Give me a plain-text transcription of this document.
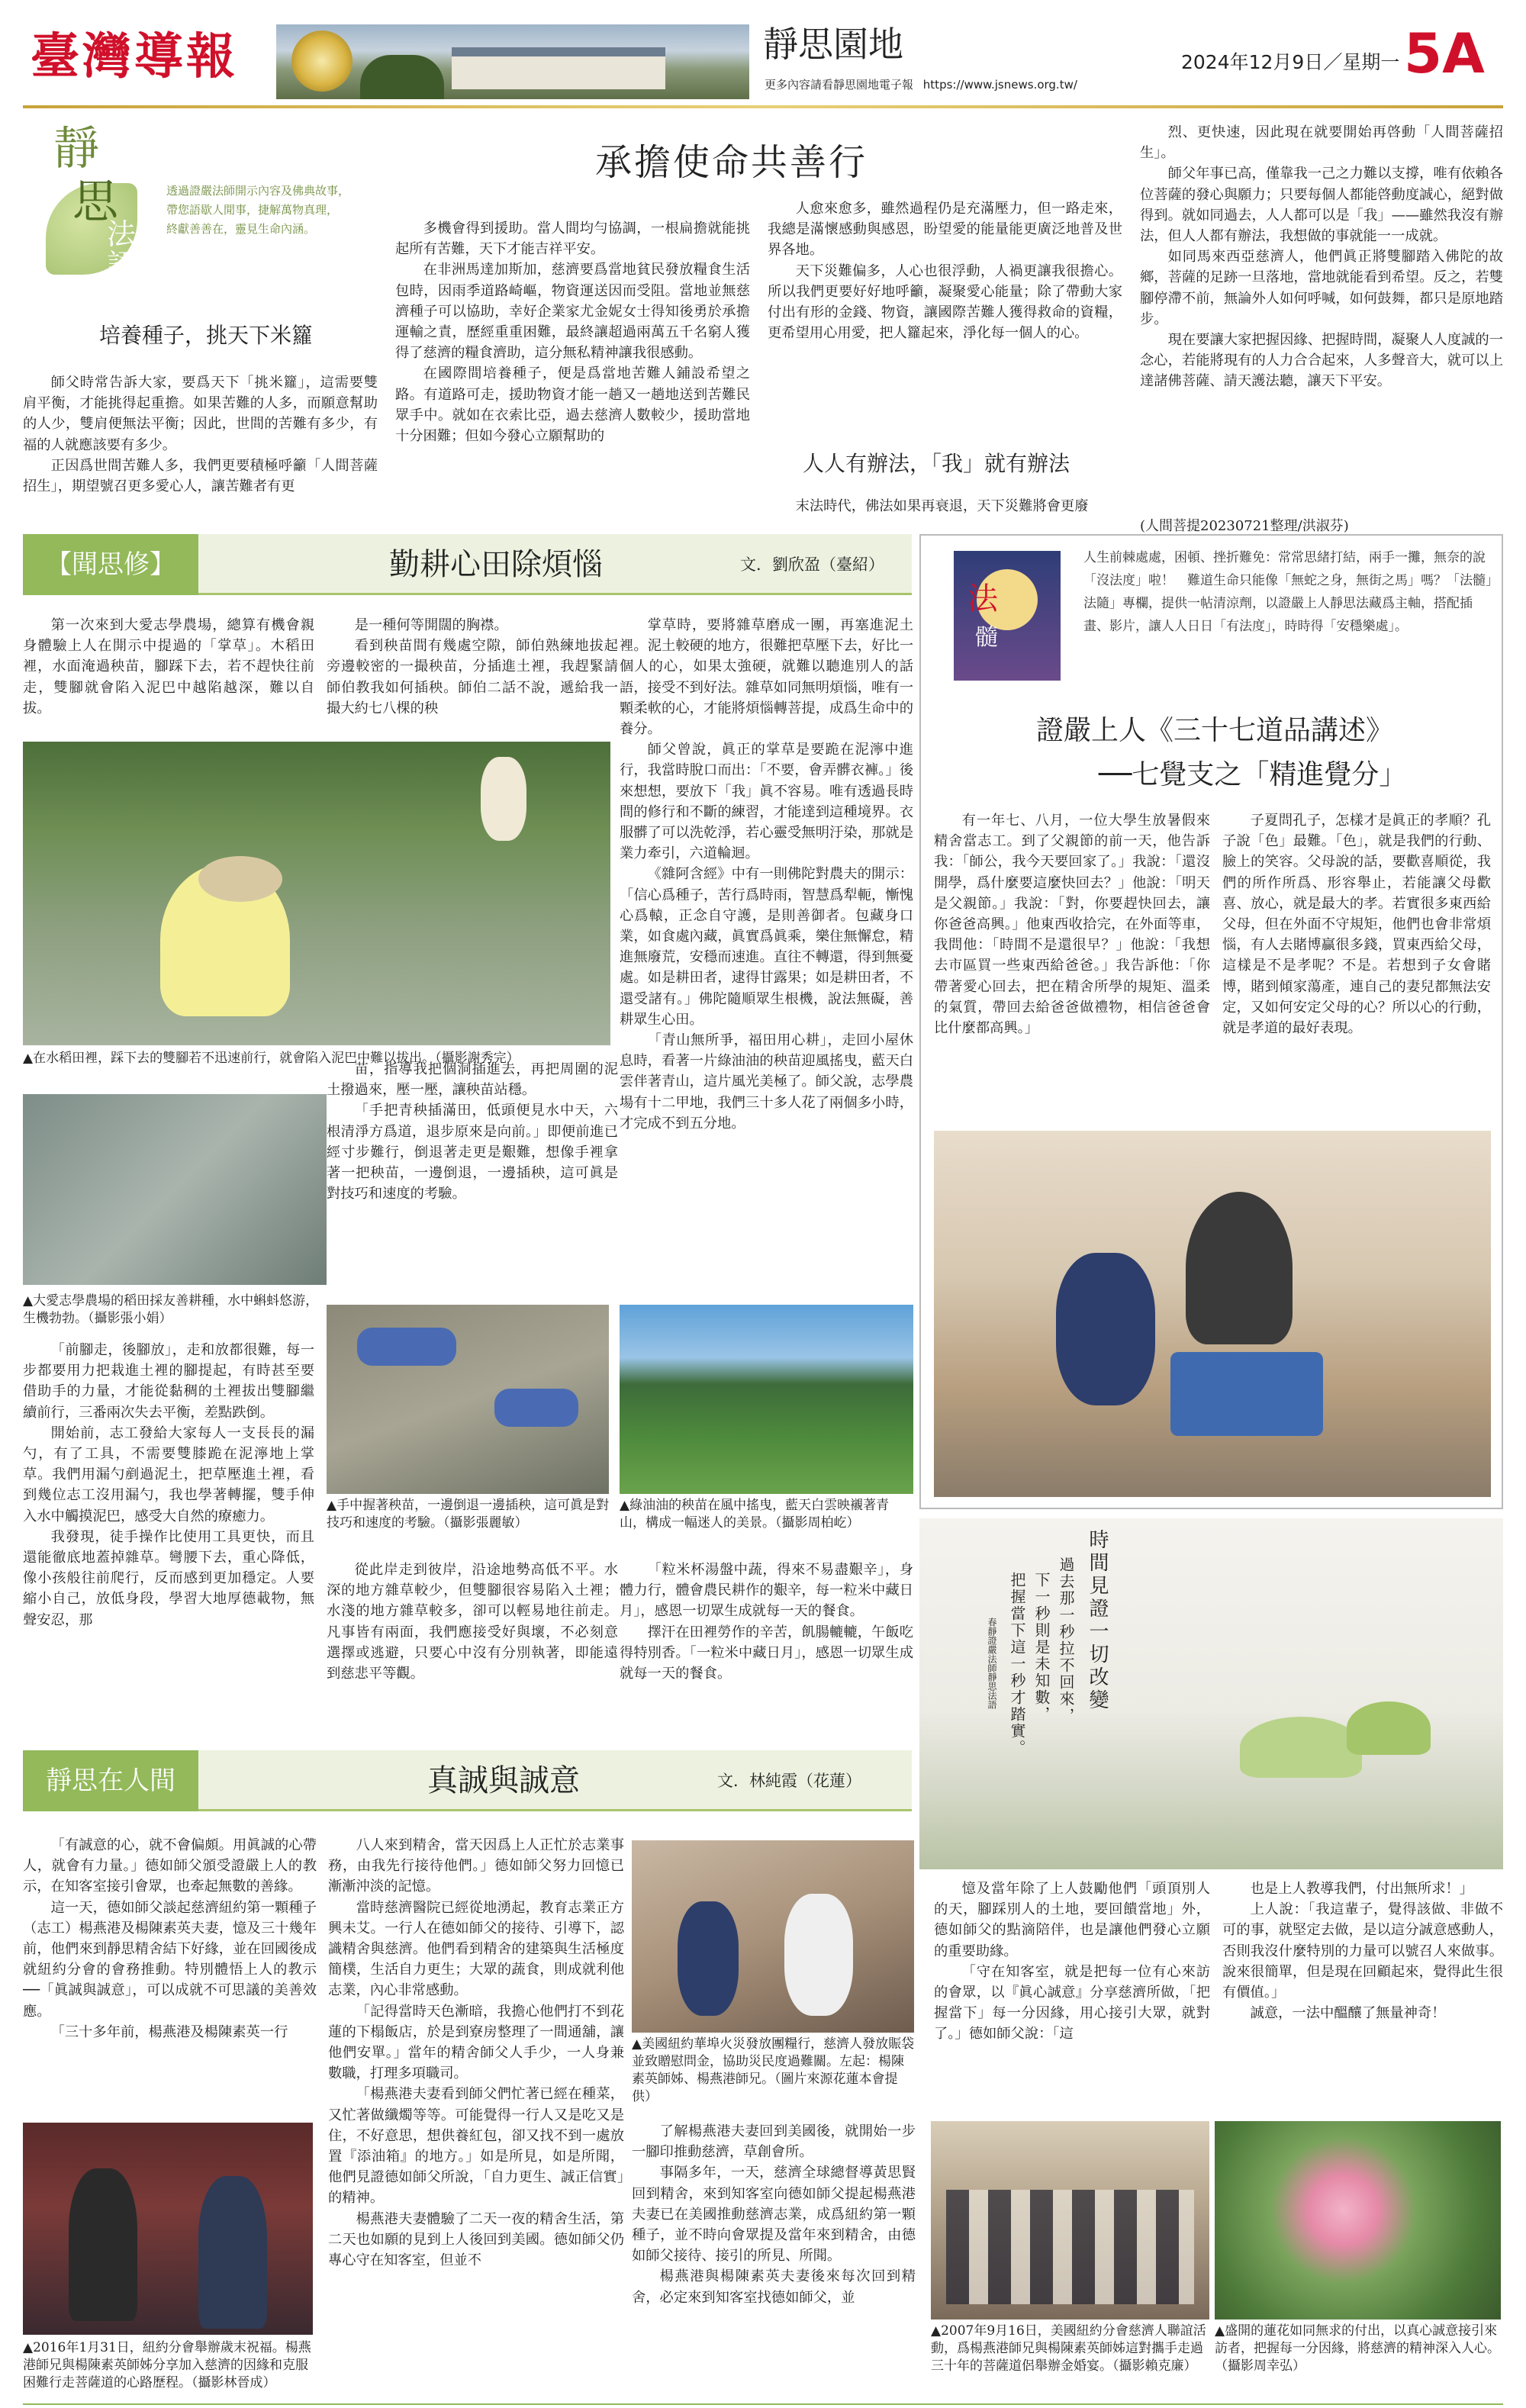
臺灣導報	靜思園地
更多內容請看靜思園地電子報 https://www.jsnews.org.tw/
2024年12月9日／星期一 5A
靜
思
法
語
透過證嚴法師開示內容及佛典故事，
帶您語歇人閒事，捷解萬物真理，
終獻善善在，靈見生命內涵。
承擔使命共善行
培養種子，挑天下米籮

師父時常告訴大家，要爲天下「挑米籮」，這需要雙肩平衡，才能挑得起重擔。如果苦難的人多，而願意幫助的人少，雙肩便無法平衡；因此，世間的苦難有多少，有福的人就應該要有多少。

正因爲世間苦難人多，我們更要積極呼籲「人間菩薩招生」，期望號召更多愛心人，讓苦難者有更

多機會得到援助。當人間均勻協調，一根扁擔就能挑起所有苦難，天下才能吉祥平安。

在非洲馬達加斯加，慈濟要爲當地貧民發放糧食生活包時，因雨季道路崎嶇，物資運送因而受阻。當地並無慈濟種子可以協助，幸好企業家尤金妮女士得知後勇於承擔運輸之責，歷經重重困難，最終讓超過兩萬五千名窮人獲得了慈濟的糧食濟助，這分無私精神讓我很感動。

在國際間培養種子，便是爲當地苦難人鋪設希望之路。有道路可走，援助物資才能一趟又一趟地送到苦難民眾手中。就如在衣索比亞，過去慈濟人數較少，援助當地十分困難；但如今發心立願幫助的

人愈來愈多，雖然過程仍是充滿壓力，但一路走來，我總是滿懷感動與感恩，盼望愛的能量能更廣泛地普及世界各地。

天下災難偏多，人心也很浮動，人禍更讓我很擔心。所以我們更要好好地呼籲，凝聚愛心能量；除了帶動大家付出有形的金錢、物資，讓國際苦難人獲得救命的資糧，更希望用心用愛，把人籮起來，淨化每一個人的心。

人人有辦法，「我」就有辦法

末法時代，佛法如果再衰退，天下災難將會更廢

烈、更快速，因此現在就要開始再啓動「人間菩薩招生」。

師父年事已高，僅靠我一己之力難以支撐，唯有依賴各位菩薩的發心與願力；只要每個人都能啓動度誠心，絕對做得到。就如同過去，人人都可以是「我」——雖然我沒有辦法，但人人都有辦法，我想做的事就能一一成就。

如同馬來西亞慈濟人，他們眞正將雙腳踏入佛陀的故鄉，菩薩的足跡一旦落地，當地就能看到希望。反之，若雙腳停滯不前，無論外人如何呼喊，如何鼓舞，都只是原地踏步。

現在要讓大家把握因緣、把握時間，凝聚人人度誠的一念心，若能將現有的人力合合起來，人多聲音大，就可以上達諸佛菩薩、請天護法聽，讓天下平安。

(人間菩提20230721整理/洪淑芬)
【聞思修】	勤耕心田除煩惱	文．劉欣盈（臺紹）

第一次來到大愛志學農場，總算有機會親身體驗上人在開示中提過的「掌草」。木稻田裡，水面淹過秧苗，腳踩下去，若不趕快往前走，雙腳就會陷入泥巴中越陷越深，難以自拔。

是一種何等開闊的胸襟。

看到秧苗間有幾處空隙，師伯熟練地拔起旁邊較密的一撮秧苗，分插進土裡，我趕緊請師伯教我如何插秧。師伯二話不說，遞給我一撮大約七八棵的秧

掌草時，要將雜草磨成一團，再塞進泥土裡。泥土較硬的地方，很難把草壓下去，好比一個人的心，如果太強硬，就難以聽進別人的話語，接受不到好法。雜草如同無明煩惱，唯有一顆柔軟的心，才能將煩惱轉菩提，成爲生命中的養分。

師父曾說，眞正的掌草是要跪在泥濘中進行，我當時脫口而出：「不要，會弄髒衣褲。」後來想想，要放下「我」眞不容易。唯有透過長時間的修行和不斷的練習，才能達到這種境界。衣服髒了可以洗乾淨，若心靈受無明汙染，那就是業力牽引，六道輪迴。

《雜阿含經》中有一則佛陀對農夫的開示：「信心爲種子，苦行爲時雨，智慧爲犁軛，慚愧心爲轅，正念自守護，是則善御者。包藏身口業，如食處內藏，眞實爲眞乘，樂住無懈怠，精進無廢荒，安穩而速進。直往不轉還，得到無憂處。如是耕田者，逮得甘露果；如是耕田者，不還受諸有。」佛陀隨順眾生根機，說法無礙，善耕眾生心田。

「青山無所爭，福田用心耕」，走回小屋休息時，看著一片綠油油的秧苗迎風搖曳，藍天白雲伴著青山，這片風光美極了。師父說，志學農場有十二甲地，我們三十多人花了兩個多小時，才完成不到五分地。

▲在水稻田裡，踩下去的雙腳若不迅速前行，就會陷入泥巴中難以拔出。（攝影謝秀完）
▲大愛志學農場的稻田採友善耕種，水中蝌蚪悠游，生機勃勃。（攝影張小娟）

苗，指導我把個洞插進去，再把周圍的泥土撥過來，壓一壓，讓秧苗站穩。

「手把青秧插滿田，低頭便見水中天，六根清淨方爲道，退步原來是向前。」即便前進已經寸步難行，倒退著走更是艱難，想像手裡拿著一把秧苗，一邊倒退，一邊插秧，這可眞是對技巧和速度的考驗。

「前腳走，後腳放」，走和放都很難，每一步都要用力把栽進土裡的腳提起，有時甚至要借助手的力量，才能從黏稠的土裡拔出雙腳繼續前行，三番兩次失去平衡，差點跌倒。

開始前，志工發給大家每人一支長長的漏勺，有了工具，不需要雙膝跪在泥濘地上掌草。我們用漏勺剷過泥土，把草壓進土裡，看到幾位志工沒用漏勺，我也學著轉擺，雙手伸入水中觸摸泥巴，感受大自然的療癒力。

我發現，徒手操作比使用工具更快，而且還能徹底地蓋掉雜草。彎腰下去，重心降低，像小孩般往前爬行，反而感到更加穩定。人要縮小自己，放低身段，學習大地厚德載物，無聲安忍，那

▲手中握著秧苗，一邊倒退一邊插秧，這可眞是對技巧和速度的考驗。（攝影張麗敏）
▲綠油油的秧苗在風中搖曳，藍天白雲映襯著青山，構成一幅迷人的美景。（攝影周柏屹）

從此岸走到彼岸，沿途地勢高低不平。水深的地方雜草較少，但雙腳很容易陷入土裡；水淺的地方雜草較多，卻可以輕易地往前走。凡事皆有兩面，我們應接受好與壞，不必刻意選擇或逃避，只要心中沒有分別執著，即能遠到慈悲平等觀。

「粒米杯湯盤中蔬，得來不易盡艱辛」，身體力行，體會農民耕作的艱辛，每一粒米中藏日月」，感恩一切眾生成就每一天的餐食。

擇汗在田裡勞作的辛苦，飢腸轆轆，午飯吃得特別香。「一粒米中藏日月」，感恩一切眾生成就每一天的餐食。

法
髓
人生前棘處處，困頓、挫折難免：常常思緒打結，兩手一攤，無奈的說「沒法度」啦！　難道生命只能像「無蛇之身，無街之馬」嗎？「法髓」法隨」專欄，提供一帖清涼劑，以證嚴上人靜思法藏爲主軸，搭配插畫、影片，讓人人日日「有法度」，時時得「安穩樂處」。
證嚴上人《三十七道品講述》
──七覺支之「精進覺分」

有一年七、八月，一位大學生放暑假來精舍當志工。到了父親節的前一天，他告訴我：「師公，我今天要回家了。」我說：「還沒開學，爲什麼要這麼快回去？」他說：「明天是父親節。」我說：「對，你要趕快回去，讓你爸爸高興。」他東西收拾完，在外面等車，我問他：「時間不是還很早？」他說：「我想去市區買一些東西給爸爸。」我告訴他：「你帶著愛心回去，把在精舍所學的規矩、溫柔的氣質，帶回去給爸爸做禮物，相信爸爸會比什麼都高興。」

子夏問孔子，怎樣才是眞正的孝順？孔子說「色」最難。「色」，就是我們的行動、臉上的笑容。父母說的話，要歡喜順從，我們的所作所爲、形容舉止，若能讓父母歡喜、放心，就是最大的孝。若實很多東西給父母，但在外面不守規矩，他們也會非常煩惱，有人去賭博贏很多錢，買東西給父母，這樣是不是孝呢？不是。若想到子女會賭博，賭到傾家蕩產，連自己的妻兒都無法安定，又如何安定父母的心？所以心的行動，就是孝道的最好表現。

時間見證一切改變
過去那一秒拉不回來，
下一秒則是未知數，
把握當下這一秒才踏實。
春靜證嚴法師靜思法語
靜思在人間	真誠與誠意	文．林純霞（花蓮）

「有誠意的心，就不會偏頗。用眞誠的心帶人，就會有力量。」德如師父頒受證嚴上人的教示，在知客室接引會眾，也牽起無數的善緣。

這一天，德如師父談起慈濟紐約第一顆種子（志工）楊燕港及楊陳素英夫妻，憶及三十幾年前，他們來到靜思精舍結下好緣，並在回國後成就紐約分會的會務推動。特別體悟上人的教示──「眞誠與誠意」，可以成就不可思議的美善效應。

「三十多年前，楊燕港及楊陳素英一行

▲2016年1月31日，紐約分會舉辦歲末祝福。楊燕港師兄與楊陳素英師姊分享加入慈濟的因緣和克服困難行走菩薩道的心路歷程。（攝影林晉成）

八人來到精舍，當天因爲上人正忙於志業事務，由我先行接待他們。」德如師父努力回憶已漸漸沖淡的記憶。

當時慈濟醫院已經從地湧起，教育志業正方興未艾。一行人在德如師父的接待、引導下，認識精舍與慈濟。他們看到精舍的建築與生活極度簡樸，生活自力更生；大眾的蔬食，則成就利他志業，內心非常感動。

「記得當時天色漸暗，我擔心他們打不到花蓮的下榻飯店，於是到寮房整理了一間通舖，讓他們安單。」當年的精舍師父人手少，一人身兼數職，打理多項職司。

「楊燕港夫妻看到師父們忙著已經在種菜，又忙著做纖燭等等。可能覺得一行人又是吃又是住，不好意思，想供養紅包，卻又找不到一處放置『添油箱』的地方。」如是所見，如是所聞，他們見證德如師父所說，「自力更生、誠正信實」的精神。

楊燕港夫妻體驗了二天一夜的精舍生活，第二天也如願的見到上人後回到美國。德如師父仍專心守在知客室，但並不

▲美國紐約華埠火災發放團糧行，慈濟人發放賑袋並致贈慰問金，協助災民度過難關。左起：楊陳素英師姊、楊燕港師兄。（圖片來源花蓮本會提供）

了解楊燕港夫妻回到美國後，就開始一步一腳印推動慈濟，草創會所。

事隔多年，一天，慈濟全球總督導黃思賢回到精舍，來到知客室向德如師父提起楊燕港夫妻已在美國推動慈濟志業，成爲紐約第一顆種子，並不時向會眾提及當年來到精舍，由德如師父接待、接引的所見、所聞。

楊燕港與楊陳素英夫妻後來每次回到精舍，必定來到知客室找德如師父，並

憶及當年除了上人鼓勵他們「頭頂別人的天，腳踩別人的土地，要回饋當地」外，德如師父的點滴陪伴，也是讓他們發心立願的重要助緣。

「守在知客室，就是把每一位有心來訪的會眾，以『眞心誠意』分享慈濟所做，「把握當下」每一分因緣，用心接引大眾，就對了。」德如師父說：「這

也是上人教導我們，付出無所求！」

上人說：「我這輩子，覺得該做、非做不可的事，就堅定去做，是以這分誠意感動人，否則我沒什麼特別的力量可以號召人來做事。說來很簡單，但是現在回顧起來，覺得此生很有價值。」

誠意，一法中醞釀了無量神奇！

▲2007年9月16日，美國紐約分會慈濟人聯誼活動，爲楊燕港師兄與楊陳素英師姊這對攜手走過三十年的菩薩道侶舉辦金婚宴。（攝影賴克廉）
▲盛開的蓮花如同無求的付出，以真心誠意接引來訪者，把握每一分因緣，將慈濟的精神深入人心。（攝影周幸弘）
